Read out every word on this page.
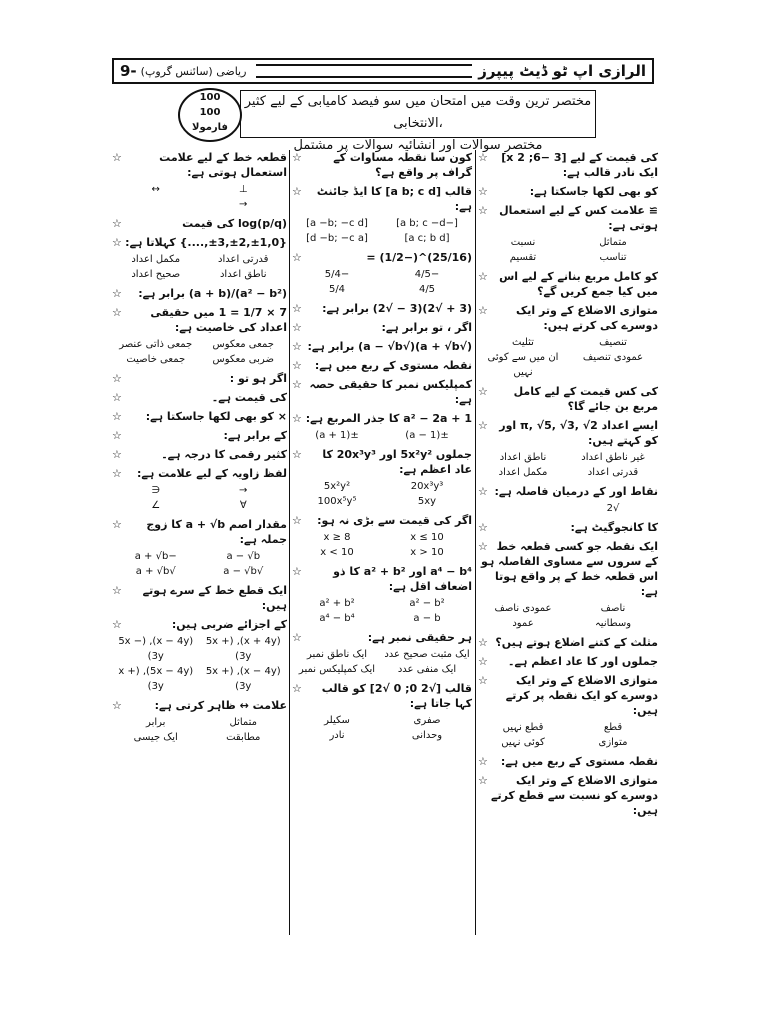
9- ریاضی (سائنس گروپ)	الرازی اپ ٹو ڈیٹ پیپرز
100
100
فارمولا
مختصر ترین وقت میں امتحان میں سو فیصد کامیابی کے لیے کثیر الانتخابی،
مختصر سوالات اور انشائیہ سوالات پر مشتمل
☆	قطعہ خط کے لیے علامت استعمال ہوتی ہے:
⊥
↔
→
☆	log(p/q) کی قیمت
☆ {0,±1,±2,±3,....} کہلاتا ہے:
قدرتی اعداد
مکمل اعداد
ناطق اعداد
صحیح اعداد
☆ (a² − b²)/(a + b) برابر ہے:
☆	7 × 1/7 = 1 میں حقیقی اعداد کی خاصیت ہے:
جمعی معکوس
جمعی ذاتی عنصر
ضربی معکوس
جمعی خاصیت
☆	اگر ہو تو :
☆	کی قیمت ہے۔
☆ × کو بھی لکھا جاسکتا ہے:
☆	کے برابر ہے:
☆	کثیر رقمی کا درجہ ہے۔
☆ لفظ زاویہ کے لیے علامت ہے:
→
∈
∀
∠
☆ مقدار اصم a + √b کا زوج جملہ ہے:
a − √b
−a + √b
√a − √b
√a + √b
☆ ایک قطع خط کے سرے ہوتے ہیں:
☆	کے اجزائے ضربی ہیں:
(x + 4y), (5x + 3y)
(x − 4y), (5x − 3y)
(x − 4y), (5x + 3y)
(5x − 4y), (x + 3y)
☆	علامت ↔ ظاہر کرتی ہے:
متماثل
برابر
مطابقت
ایک جیسی
☆	کون سا نقطہ مساوات کے گراف پر واقع ہے؟
☆ قالب [a b; c d] کا ایڈ جائنٹ ہے:
[−a b; c −d]
[a −b; −c d]
[a c; b d]
[d −b; −c a]
☆	(25/16)^(−1/2) =
−4/5
−5/4
4/5
5/4
☆ (3 + √2)(3 − √2) برابر ہے:
☆	اگر ، تو برابر ہے:
☆ (√a + √b)(√a − √b) برابر ہے:
☆ نقطہ مستوی کے ربع میں ہے:
☆ کمپلیکس نمبر کا حقیقی حصہ ہے:
☆ a² − 2a + 1 کا جذر المربع ہے:
±(a − 1)
±(a + 1)
☆ جملوں 5x²y² اور 20x³y³ کا عاد اعظم ہے:
20x³y³
5x²y²
5xy
100x⁵y⁵
☆ اگر کی قیمت سے بڑی نہ ہو:
x ≤ 10
x ≥ 8
x > 10
x < 10
☆	a⁴ − b⁴ اور a² + b² کا ذو اضعاف اقل ہے:
a² − b²
a² + b²
a − b
a⁴ − b⁴
☆	ہر حقیقی نمبر ہے:
ایک مثبت صحیح عدد
ایک ناطق نمبر
ایک منفی عدد
ایک کمپلیکس نمبر
☆ قالب [√2 0; 0 √2] کو قالب کہا جاتا ہے:
صفری
سکیلر
وحدانی
نادر
☆ کی قیمت کے لیے [3 −6; 2 x] ایک نادر قالب ہے:
☆	کو بھی لکھا جاسکتا ہے:
☆ ≅ علامت کس کے لیے استعمال ہوتی ہے:
متماثل
نسبت
تناسب
تقسیم
☆ کو کامل مربع بنانے کے لیے اس میں کیا جمع کریں گے؟
☆	متوازی الاضلاع کے وتر ایک دوسرے کی کرتے ہیں:
تنصیف
تثلیث
عمودی تنصیف
ان میں سے کوئی نہیں
☆ کی کس قیمت کے لیے کامل مربع بن جائے گا؟
☆ ایسے اعداد π, √5, √3, √2 اور کو کہتے ہیں:
غیر ناطق اعداد
ناطق اعداد
قدرتی اعداد
مکمل اعداد
☆ نقاط اور کے درمیان فاصلہ ہے:
√2
☆	کا کانجوگیٹ ہے:
☆ ایک نقطہ جو کسی قطعہ خط کے سروں سے مساوی الفاصلہ ہو اس قطعہ خط کے پر واقع ہوتا ہے:
ناصف
عمودی ناصف
وسطانیہ
عمود
☆ مثلث کے کتنے اضلاع ہوتے ہیں؟
☆ جملوں اور کا عاد اعظم ہے۔
☆	متوازی الاضلاع کے وتر ایک دوسرے کو ایک نقطہ پر کرتے ہیں:
قطع
قطع نہیں
متوازی
کوئی نہیں
☆ نقطہ مستوی کے ربع میں ہے:
☆	متوازی الاضلاع کے وتر ایک دوسرے کو نسبت سے قطع کرتے ہیں:
